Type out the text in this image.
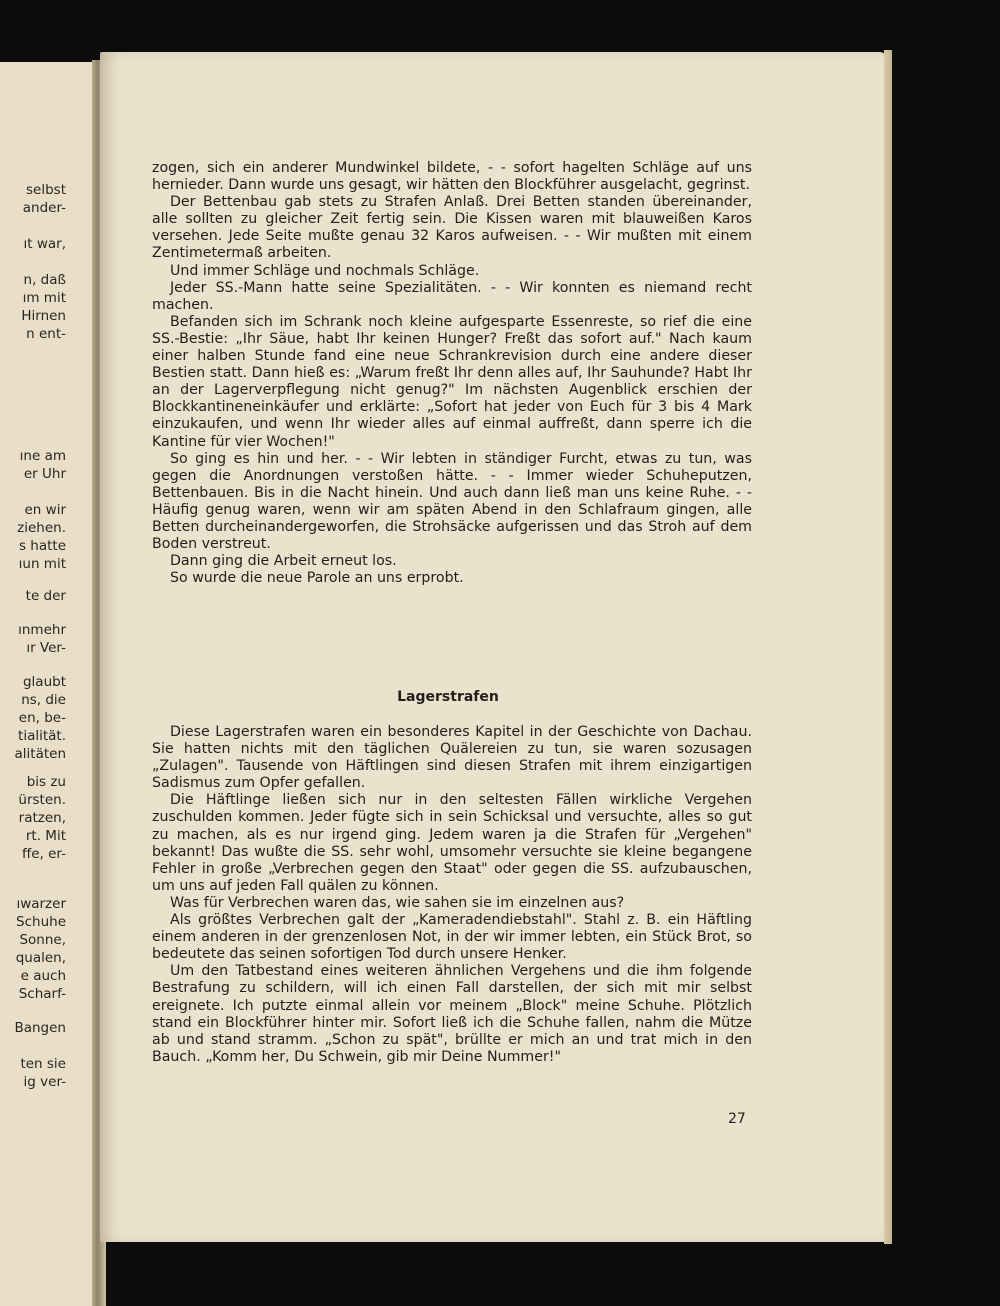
selbst
ander-
ıt war,
n, daß
ım mit
Hirnen
n ent-
ıne am
er Uhr
en wir
ziehen.
s hatte
ıun mit
te der
ınmehr
ır Ver-
glaubt
ns, die
en, be-
tialität.
alitäten
bis zu
ürsten.
ratzen,
rt. Mit
ffe, er-
ıwarzer
Schuhe
Sonne,
qualen,
e auch
Scharf-
Bangen
ten sie
ig ver-

zogen, sich ein anderer Mundwinkel bildete, - - sofort hagelten Schläge auf uns hernieder. Dann wurde uns gesagt, wir hätten den Blockführer ausgelacht, gegrinst.

Der Bettenbau gab stets zu Strafen Anlaß. Drei Betten standen übereinander, alle sollten zu gleicher Zeit fertig sein. Die Kissen waren mit blauweißen Karos versehen. Jede Seite mußte genau 32 Karos aufweisen. - - Wir mußten mit einem Zentimetermaß arbeiten.

Und immer Schläge und nochmals Schläge.

Jeder SS.-Mann hatte seine Spezialitäten. - - Wir konnten es niemand recht machen.

Befanden sich im Schrank noch kleine aufgesparte Essenreste, so rief die eine SS.-Bestie: „Ihr Säue, habt Ihr keinen Hunger? Freßt das sofort auf." Nach kaum einer halben Stunde fand eine neue Schrankrevision durch eine andere dieser Bestien statt. Dann hieß es: „Warum freßt Ihr denn alles auf, Ihr Sauhunde? Habt Ihr an der Lagerverpflegung nicht genug?" Im nächsten Augenblick erschien der Blockkantineneinkäufer und erklärte: „Sofort hat jeder von Euch für 3 bis 4 Mark einzukaufen, und wenn Ihr wieder alles auf einmal auffreßt, dann sperre ich die Kantine für vier Wochen!"

So ging es hin und her. - - Wir lebten in ständiger Furcht, etwas zu tun, was gegen die Anordnungen verstoßen hätte. - - Immer wieder Schuheputzen, Bettenbauen. Bis in die Nacht hinein. Und auch dann ließ man uns keine Ruhe. - - Häufig genug waren, wenn wir am späten Abend in den Schlafraum gingen, alle Betten durcheinandergeworfen, die Strohsäcke aufgerissen und das Stroh auf dem Boden verstreut.

Dann ging die Arbeit erneut los.

So wurde die neue Parole an uns erprobt.

Lagerstrafen

Diese Lagerstrafen waren ein besonderes Kapitel in der Geschichte von Dachau. Sie hatten nichts mit den täglichen Quälereien zu tun, sie waren sozusagen „Zulagen". Tausende von Häftlingen sind diesen Strafen mit ihrem einzigartigen Sadismus zum Opfer gefallen.

Die Häftlinge ließen sich nur in den seltesten Fällen wirkliche Vergehen zuschulden kommen. Jeder fügte sich in sein Schicksal und versuchte, alles so gut zu machen, als es nur irgend ging. Jedem waren ja die Strafen für „Vergehen" bekannt! Das wußte die SS. sehr wohl, umsomehr versuchte sie kleine begangene Fehler in große „Verbrechen gegen den Staat" oder gegen die SS. aufzubauschen, um uns auf jeden Fall quälen zu können.

Was für Verbrechen waren das, wie sahen sie im einzelnen aus?

Als größtes Verbrechen galt der „Kameradendiebstahl". Stahl z. B. ein Häftling einem anderen in der grenzenlosen Not, in der wir immer lebten, ein Stück Brot, so bedeutete das seinen sofortigen Tod durch unsere Henker.

Um den Tatbestand eines weiteren ähnlichen Vergehens und die ihm folgende Bestrafung zu schildern, will ich einen Fall darstellen, der sich mit mir selbst ereignete. Ich putzte einmal allein vor meinem „Block" meine Schuhe. Plötzlich stand ein Blockführer hinter mir. Sofort ließ ich die Schuhe fallen, nahm die Mütze ab und stand stramm. „Schon zu spät", brüllte er mich an und trat mich in den Bauch. „Komm her, Du Schwein, gib mir Deine Nummer!"

27
